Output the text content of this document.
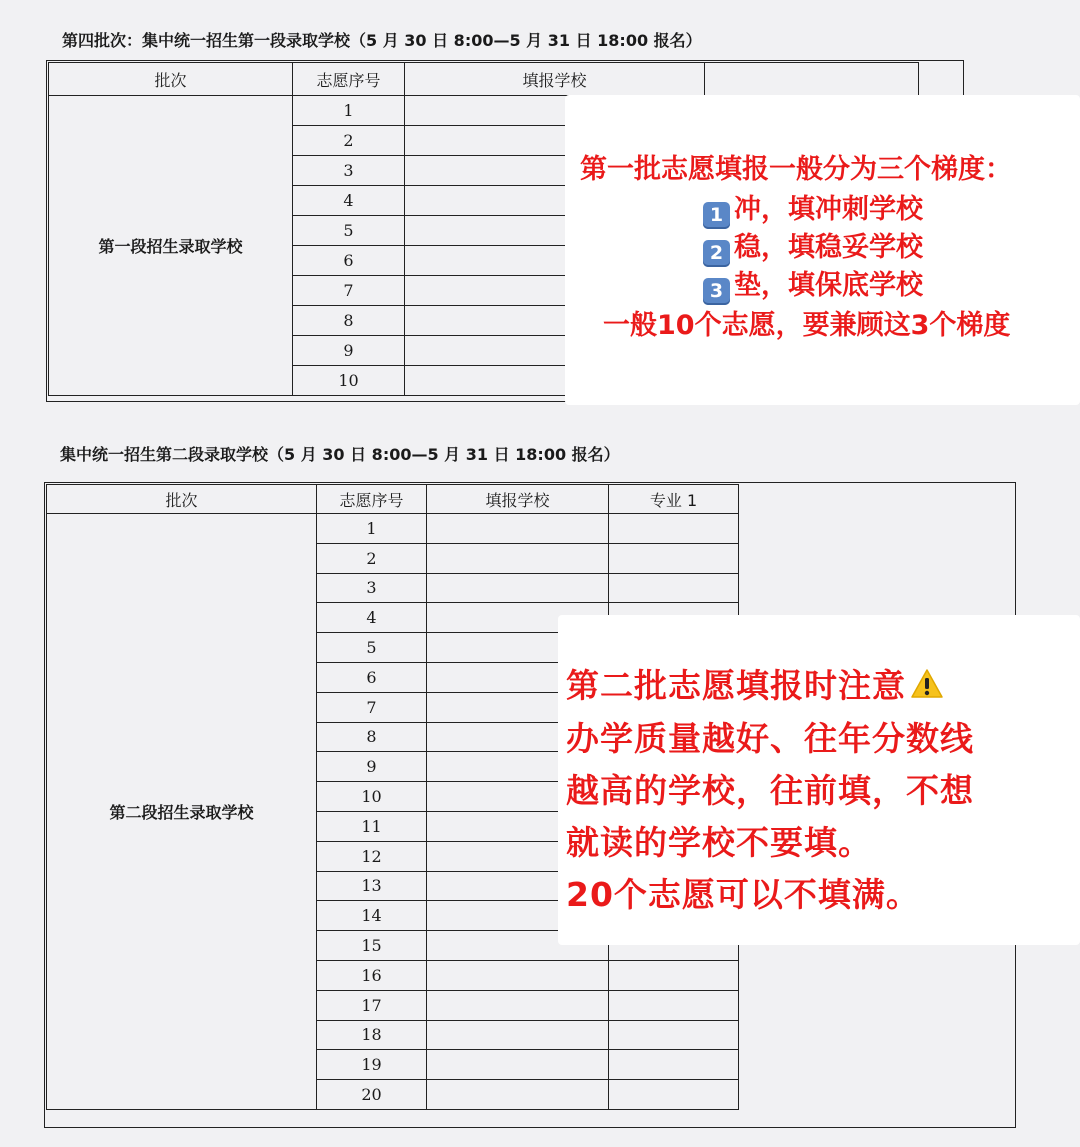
第四批次：集中统一招生第一段录取学校（5 月 30 日 8:00—5 月 31 日 18:00 报名）
批次	志愿序号	填报学校	
第一段招生录取学校	1		
	2		
	3		
	4		
	5		
	6		
	7		
	8		
	9		
	10		
集中统一招生第二段录取学校（5 月 30 日 8:00—5 月 31 日 18:00 报名）
批次	志愿序号	填报学校	专业 1
第二段招生录取学校	1		
	2		
	3		
	4		
	5		
	6		
	7		
	8		
	9		
	10		
	11		
	12		
	13		
	14		
	15		
	16		
	17		
	18		
	19		
	20		
第一批志愿填报一般分为三个梯度：
1 冲，填冲刺学校
2 稳，填稳妥学校
3 垫，填保底学校
一般10个志愿，要兼顾这3个梯度
第二批志愿填报时注意
办学质量越好、往年分数线
越高的学校，往前填，不想
就读的学校不要填。
20个志愿可以不填满。
